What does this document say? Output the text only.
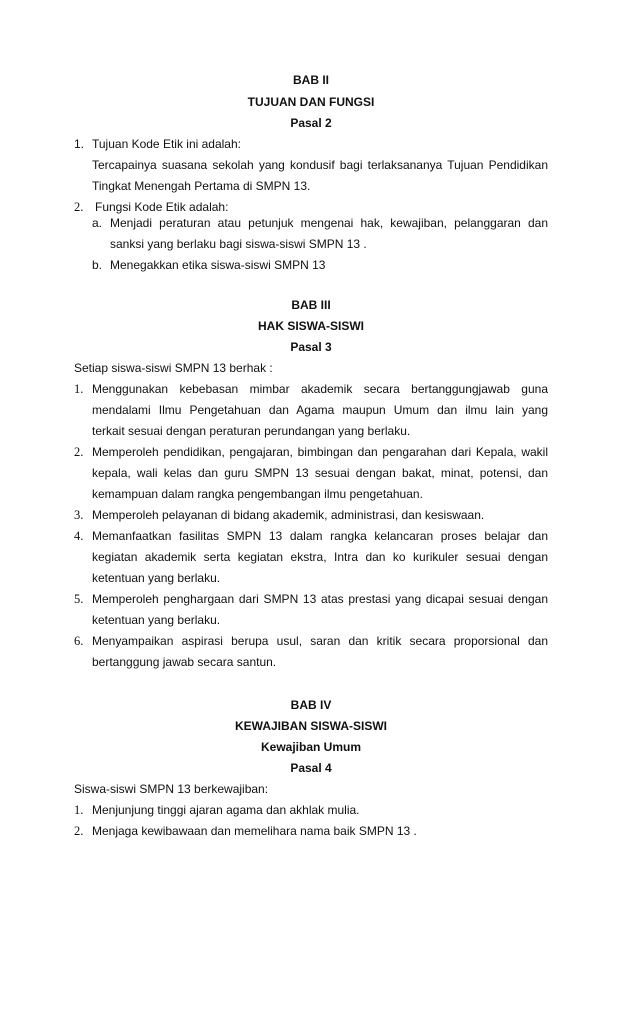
BAB II
TUJUAN DAN FUNGSI
Pasal 2
1. Tujuan Kode Etik ini adalah:
Tercapainya suasana sekolah yang kondusif bagi terlaksananya Tujuan Pendidikan
Tingkat Menengah Pertama di SMPN 13.
2. Fungsi Kode Etik adalah:
a. Menjadi peraturan atau petunjuk mengenai hak, kewajiban, pelanggaran dan
sanksi yang berlaku bagi siswa-siswi SMPN 13 .
b. Menegakkan etika siswa-siswi SMPN 13
BAB III
HAK SISWA-SISWI
Pasal 3
Setiap siswa-siswi SMPN 13 berhak :
1. Menggunakan kebebasan mimbar akademik secara bertanggungjawab guna
mendalami Ilmu Pengetahuan dan Agama maupun Umum dan ilmu lain yang
terkait sesuai dengan peraturan perundangan yang berlaku.
2. Memperoleh pendidikan, pengajaran, bimbingan dan pengarahan dari Kepala, wakil
kepala, wali kelas dan guru SMPN 13 sesuai dengan bakat, minat, potensi, dan
kemampuan dalam rangka pengembangan ilmu pengetahuan.
3. Memperoleh pelayanan di bidang akademik, administrasi, dan kesiswaan.
4. Memanfaatkan fasilitas SMPN 13 dalam rangka kelancaran proses belajar dan
kegiatan akademik serta kegiatan ekstra, Intra dan ko kurikuler sesuai dengan
ketentuan yang berlaku.
5. Memperoleh penghargaan dari SMPN 13 atas prestasi yang dicapai sesuai dengan
ketentuan yang berlaku.
6. Menyampaikan aspirasi berupa usul, saran dan kritik secara proporsional dan
bertanggung jawab secara santun.
BAB IV
KEWAJIBAN SISWA-SISWI
Kewajiban Umum
Pasal 4
Siswa-siswi SMPN 13 berkewajiban:
1. Menjunjung tinggi ajaran agama dan akhlak mulia.
2. Menjaga kewibawaan dan memelihara nama baik SMPN 13 .
